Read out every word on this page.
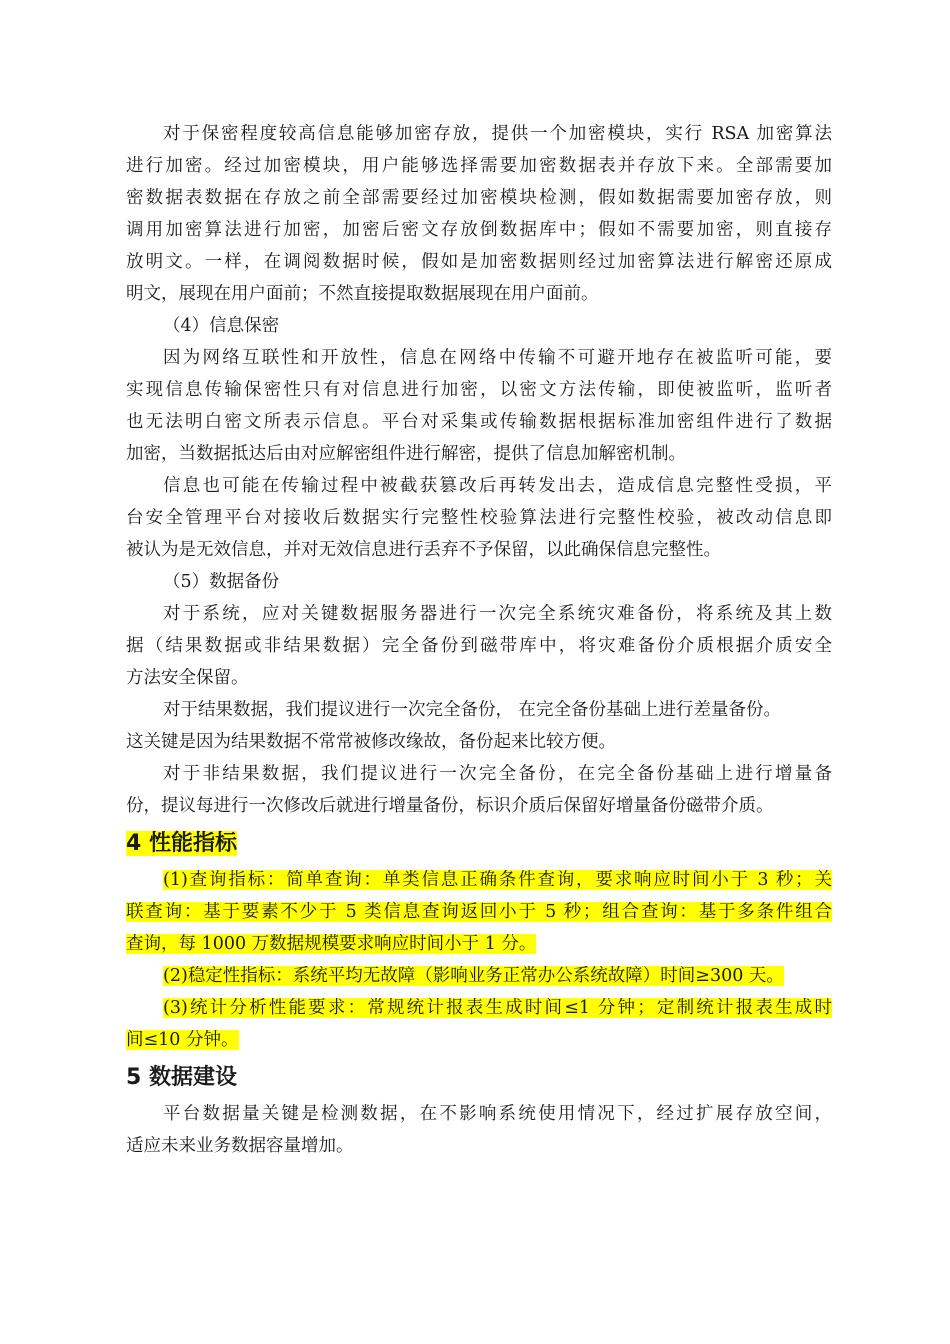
对于保密程度较高信息能够加密存放，提供一个加密模块，实行 RSA 加密算法
进行加密。经过加密模块，用户能够选择需要加密数据表并存放下来。全部需要加
密数据表数据在存放之前全部需要经过加密模块检测，假如数据需要加密存放，则
调用加密算法进行加密，加密后密文存放倒数据库中；假如不需要加密，则直接存
放明文。一样，在调阅数据时候，假如是加密数据则经过加密算法进行解密还原成
明文，展现在用户面前；不然直接提取数据展现在用户面前。
（4）信息保密
因为网络互联性和开放性，信息在网络中传输不可避开地存在被监听可能，要
实现信息传输保密性只有对信息进行加密，以密文方法传输，即使被监听，监听者
也无法明白密文所表示信息。平台对采集或传输数据根据标准加密组件进行了数据
加密，当数据抵达后由对应解密组件进行解密，提供了信息加解密机制。
信息也可能在传输过程中被截获篡改后再转发出去，造成信息完整性受损，平
台安全管理平台对接收后数据实行完整性校验算法进行完整性校验，被改动信息即
被认为是无效信息，并对无效信息进行丢弃不予保留，以此确保信息完整性。
（5）数据备份
对于系统，应对关键数据服务器进行一次完全系统灾难备份，将系统及其上数
据（结果数据或非结果数据）完全备份到磁带库中，将灾难备份介质根据介质安全
方法安全保留。
对于结果数据，我们提议进行一次完全备份， 在完全备份基础上进行差量备份。
这关键是因为结果数据不常常被修改缘故，备份起来比较方便。
对于非结果数据，我们提议进行一次完全备份，在完全备份基础上进行增量备
份，提议每进行一次修改后就进行增量备份，标识介质后保留好增量备份磁带介质。
4 性能指标
(1)查询指标：简单查询：单类信息正确条件查询，要求响应时间小于 3 秒；关
联查询：基于要素不少于 5 类信息查询返回小于 5 秒；组合查询：基于多条件组合
查询，每 1000 万数据规模要求响应时间小于 1 分。
(2)稳定性指标：系统平均无故障（影响业务正常办公系统故障）时间≥300 天。
(3)统计分析性能要求：常规统计报表生成时间≤1 分钟；定制统计报表生成时
间≤10 分钟。
5 数据建设
平台数据量关键是检测数据，在不影响系统使用情况下，经过扩展存放空间，
适应未来业务数据容量增加。
